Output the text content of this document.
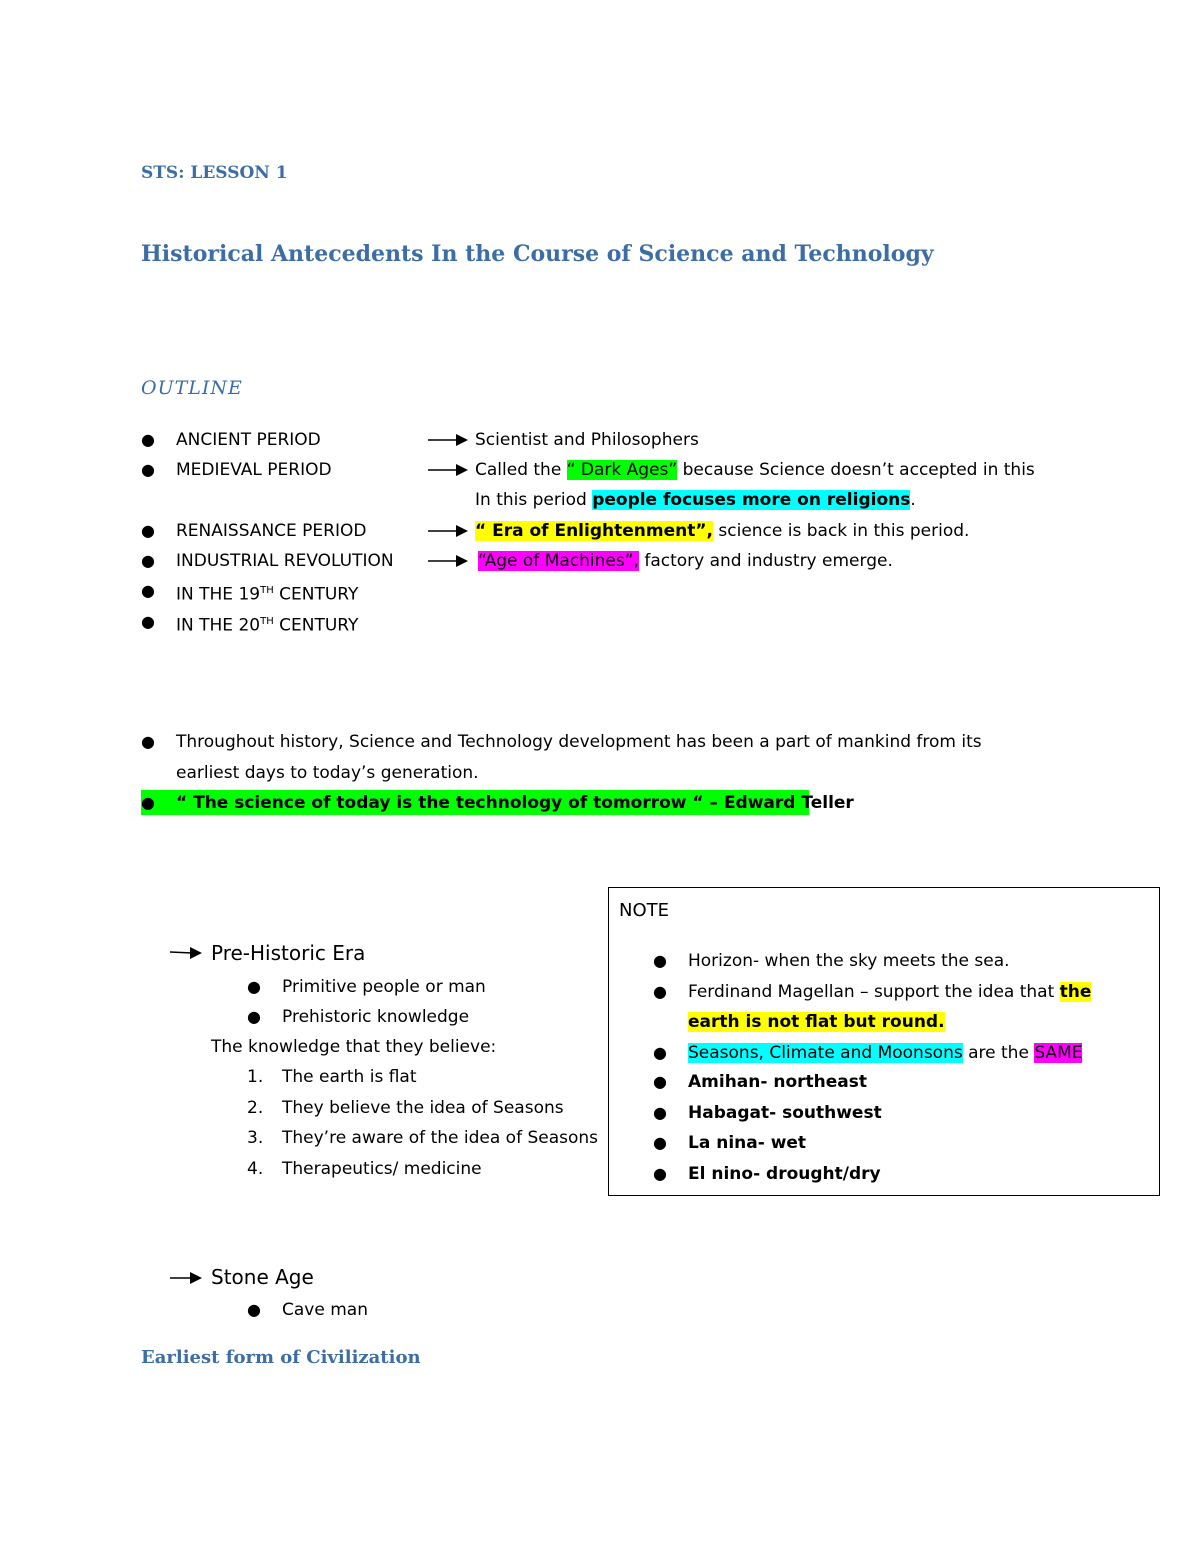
STS: LESSON 1
Historical Antecedents In the Course of Science and Technology
OUTLINE
● ANCIENT PERIOD	Scientist and Philosophers
● MEDIEVAL PERIOD	Called the “ Dark Ages” because Science doesn’t accepted in this
In this period people focuses more on religions.
● RENAISSANCE PERIOD	“ Era of Enlightenment”, science is back in this period.
● INDUSTRIAL REVOLUTION	“Age of Machines”, factory and industry emerge.
● IN THE 19TH CENTURY
● IN THE 20TH CENTURY
● Throughout history, Science and Technology development has been a part of mankind from its
earliest days to today’s generation.
● “ The science of today is the technology of tomorrow “ – Edward Teller
Pre-Historic Era
● Primitive people or man
● Prehistoric knowledge
The knowledge that they believe:
1. The earth is flat
2. They believe the idea of Seasons
3. They’re aware of the idea of Seasons
4. Therapeutics/ medicine
NOTE
● Horizon- when the sky meets the sea.
● Ferdinand Magellan – support the idea that the
earth is not flat but round.
● Seasons, Climate and Moonsons are the SAME
● Amihan- northeast
● Habagat- southwest
● La nina- wet
● El nino- drought/dry
Stone Age
● Cave man
Earliest form of Civilization
